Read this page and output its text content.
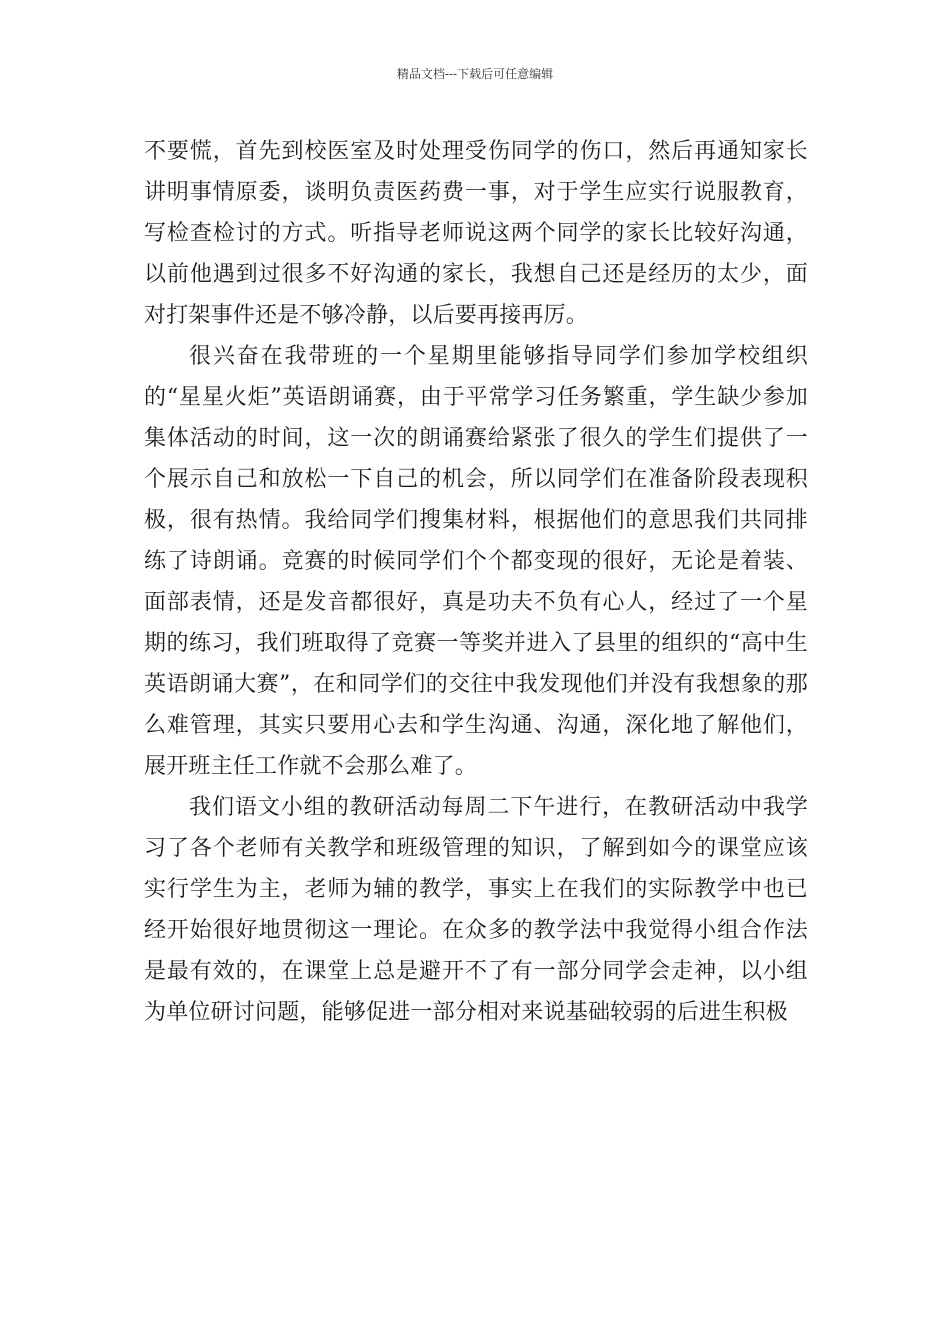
精品文档---下载后可任意编辑

不要慌，首先到校医室及时处理受伤同学的伤口，然后再通知家长讲明事情原委，谈明负责医药费一事，对于学生应实行说服教育，写检查检讨的方式。听指导老师说这两个同学的家长比较好沟通，以前他遇到过很多不好沟通的家长，我想自己还是经历的太少，面对打架事件还是不够冷静，以后要再接再厉。

很兴奋在我带班的一个星期里能够指导同学们参加学校组织的“星星火炬”英语朗诵赛，由于平常学习任务繁重，学生缺少参加集体活动的时间，这一次的朗诵赛给紧张了很久的学生们提供了一个展示自己和放松一下自己的机会，所以同学们在准备阶段表现积极，很有热情。我给同学们搜集材料，根据他们的意思我们共同排练了诗朗诵。竞赛的时候同学们个个都变现的很好，无论是着装、面部表情，还是发音都很好，真是功夫不负有心人，经过了一个星期的练习，我们班取得了竞赛一等奖并进入了县里的组织的“高中生英语朗诵大赛”，在和同学们的交往中我发现他们并没有我想象的那么难管理，其实只要用心去和学生沟通、沟通，深化地了解他们，展开班主任工作就不会那么难了。

我们语文小组的教研活动每周二下午进行，在教研活动中我学习了各个老师有关教学和班级管理的知识，了解到如今的课堂应该实行学生为主，老师为辅的教学，事实上在我们的实际教学中也已经开始很好地贯彻这一理论。在众多的教学法中我觉得小组合作法是最有效的，在课堂上总是避开不了有一部分同学会走神，以小组为单位研讨问题，能够促进一部分相对来说基础较弱的后进生积极
